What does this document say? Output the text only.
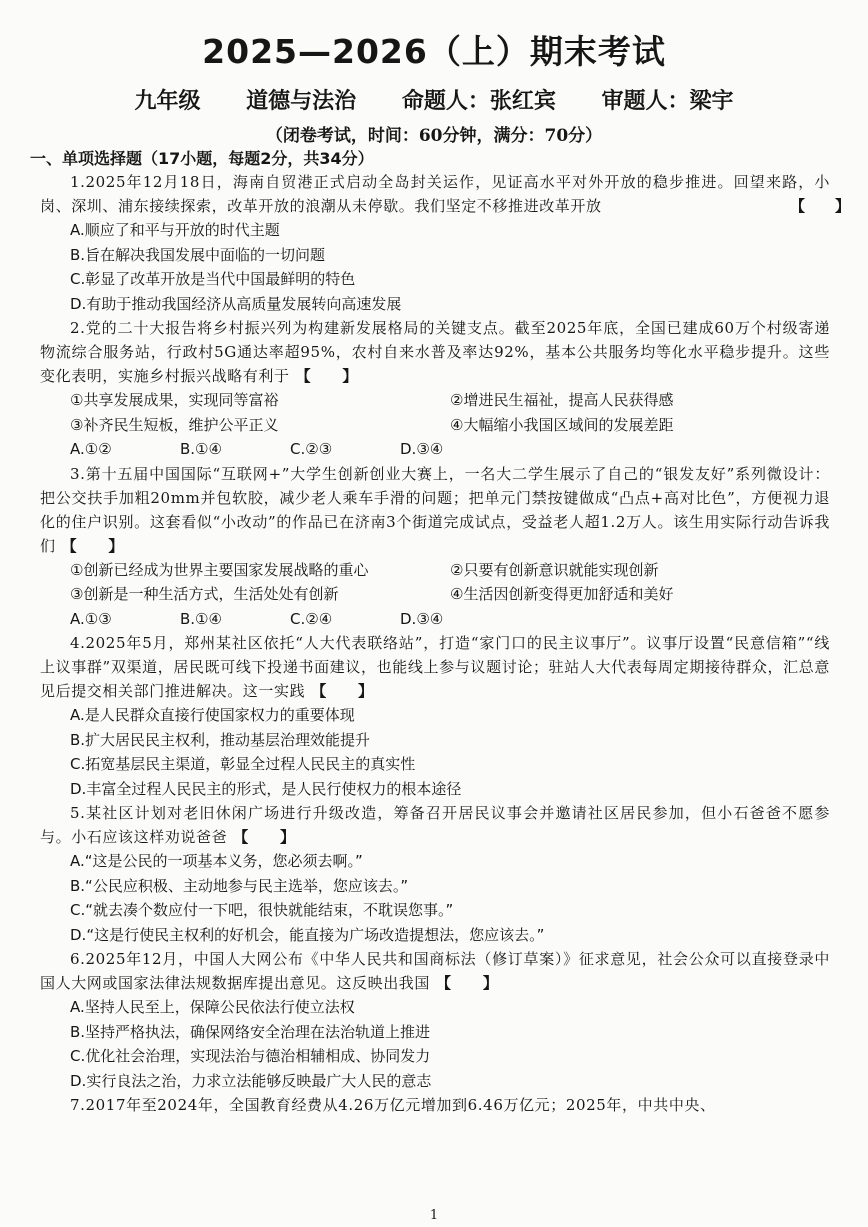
2025—2026（上）期末考试
九年级 道德与法治 命题人：张红宾 审题人：梁宇
（闭卷考试，时间：60分钟，满分：70分）
一、单项选择题（17小题，每题2分，共34分）

1.2025年12月18日，海南自贸港正式启动全岛封关运作，见证高水平对外开放的稳步推进。回望来路，小岗、深圳、浦东接续探索，改革开放的浪潮从未停歇。我们坚定不移推进改革开放	【　　】

A.顺应了和平与开放的时代主题
B.旨在解决我国发展中面临的一切问题
C.彰显了改革开放是当代中国最鲜明的特色
D.有助于推动我国经济从高质量发展转向高速发展

2.党的二十大报告将乡村振兴列为构建新发展格局的关键支点。截至2025年底，全国已建成60万个村级寄递物流综合服务站，行政村5G通达率超95%，农村自来水普及率达92%，基本公共服务均等化水平稳步提升。这些变化表明，实施乡村振兴战略有利于 【　　】

①共享发展成果，实现同等富裕	②增进民生福祉，提高人民获得感
③补齐民生短板，维护公平正义	④大幅缩小我国区域间的发展差距
A.①②	B.①④	C.②③	D.③④

3.第十五届中国国际“互联网+”大学生创新创业大赛上，一名大二学生展示了自己的“银发友好”系列微设计：把公交扶手加粗20mm并包软胶，减少老人乘车手滑的问题；把单元门禁按键做成“凸点+高对比色”，方便视力退化的住户识别。这套看似“小改动”的作品已在济南3个街道完成试点，受益老人超1.2万人。该生用实际行动告诉我们 【　　】

①创新已经成为世界主要国家发展战略的重心	②只要有创新意识就能实现创新
③创新是一种生活方式，生活处处有创新	④生活因创新变得更加舒适和美好
A.①③	B.①④	C.②④	D.③④

4.2025年5月，郑州某社区依托“人大代表联络站”，打造“家门口的民主议事厅”。议事厅设置“民意信箱”“线上议事群”双渠道，居民既可线下投递书面建议，也能线上参与议题讨论；驻站人大代表每周定期接待群众，汇总意见后提交相关部门推进解决。这一实践 【　　】

A.是人民群众直接行使国家权力的重要体现
B.扩大居民民主权利，推动基层治理效能提升
C.拓宽基层民主渠道，彰显全过程人民民主的真实性
D.丰富全过程人民民主的形式，是人民行使权力的根本途径

5.某社区计划对老旧休闲广场进行升级改造，筹备召开居民议事会并邀请社区居民参加，但小石爸爸不愿参与。小石应该这样劝说爸爸 【　　】

A.“这是公民的一项基本义务，您必须去啊。”
B.“公民应积极、主动地参与民主选举，您应该去。”
C.“就去凑个数应付一下吧，很快就能结束，不耽误您事。”
D.“这是行使民主权利的好机会，能直接为广场改造提想法，您应该去。”

6.2025年12月，中国人大网公布《中华人民共和国商标法（修订草案）》征求意见，社会公众可以直接登录中国人大网或国家法律法规数据库提出意见。这反映出我国 【　　】

A.坚持人民至上，保障公民依法行使立法权
B.坚持严格执法，确保网络安全治理在法治轨道上推进
C.优化社会治理，实现法治与德治相辅相成、协同发力
D.实行良法之治，力求立法能够反映最广大人民的意志

7.2017年至2024年，全国教育经费从4.26万亿元增加到6.46万亿元；2025年，中共中央、

1
